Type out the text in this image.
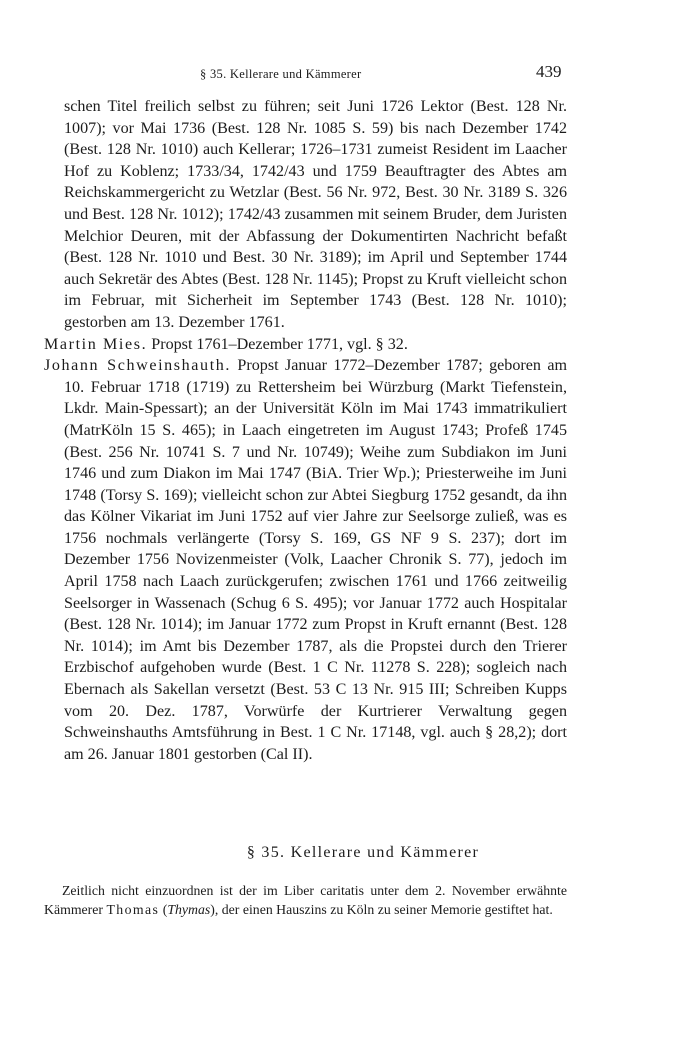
§ 35. Kellerare und Kämmerer	439

schen Titel freilich selbst zu führen; seit Juni 1726 Lektor (Best. 128 Nr. 1007); vor Mai 1736 (Best. 128 Nr. 1085 S. 59) bis nach Dezember 1742 (Best. 128 Nr. 1010) auch Kellerar; 1726–1731 zumeist Resident im Laacher Hof zu Koblenz; 1733/34, 1742/43 und 1759 Beauftragter des Abtes am Reichskammergericht zu Wetzlar (Best. 56 Nr. 972, Best. 30 Nr. 3189 S. 326 und Best. 128 Nr. 1012); 1742/43 zusammen mit seinem Bruder, dem Juristen Melchior Deuren, mit der Abfassung der Dokumentirten Nachricht befaßt (Best. 128 Nr. 1010 und Best. 30 Nr. 3189); im April und September 1744 auch Sekretär des Abtes (Best. 128 Nr. 1145); Propst zu Kruft vielleicht schon im Februar, mit Sicherheit im September 1743 (Best. 128 Nr. 1010); gestorben am 13. Dezember 1761.

Martin Mies. Propst 1761–Dezember 1771, vgl. § 32.

Johann Schweinshauth. Propst Januar 1772–Dezember 1787; geboren am 10. Februar 1718 (1719) zu Rettersheim bei Würzburg (Markt Tiefenstein, Lkdr. Main-Spessart); an der Universität Köln im Mai 1743 immatrikuliert (MatrKöln 15 S. 465); in Laach eingetreten im August 1743; Profeß 1745 (Best. 256 Nr. 10741 S. 7 und Nr. 10749); Weihe zum Subdiakon im Juni 1746 und zum Diakon im Mai 1747 (BiA. Trier Wp.); Priesterweihe im Juni 1748 (Torsy S. 169); vielleicht schon zur Abtei Siegburg 1752 gesandt, da ihn das Kölner Vikariat im Juni 1752 auf vier Jahre zur Seelsorge zuließ, was es 1756 nochmals verlängerte (Torsy S. 169, GS NF 9 S. 237); dort im Dezember 1756 Novizenmeister (Volk, Laacher Chronik S. 77), jedoch im April 1758 nach Laach zurückgerufen; zwischen 1761 und 1766 zeitweilig Seelsorger in Wassenach (Schug 6 S. 495); vor Januar 1772 auch Hospitalar (Best. 128 Nr. 1014); im Januar 1772 zum Propst in Kruft ernannt (Best. 128 Nr. 1014); im Amt bis Dezember 1787, als die Propstei durch den Trierer Erzbischof aufgehoben wurde (Best. 1 C Nr. 11278 S. 228); sogleich nach Ebernach als Sakellan versetzt (Best. 53 C 13 Nr. 915 III; Schreiben Kupps vom 20. Dez. 1787, Vorwürfe der Kurtrierer Verwaltung gegen Schweinshauths Amtsführung in Best. 1 C Nr. 17148, vgl. auch § 28,2); dort am 26. Januar 1801 gestorben (Cal II).

§ 35. Kellerare und Kämmerer

Zeitlich nicht einzuordnen ist der im Liber caritatis unter dem 2. November erwähnte Kämmerer Thomas (Thymas), der einen Hauszins zu Köln zu seiner Memorie gestiftet hat.
